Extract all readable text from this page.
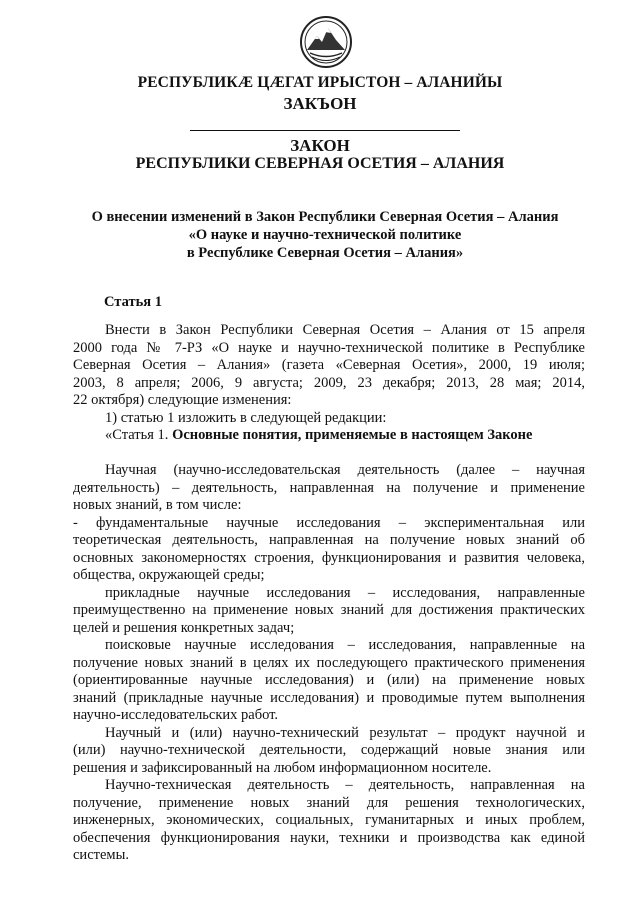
РЕСПУБЛИКӔ ЦӔГАТ ИРЫСТОН – АЛАНИЙЫ
ЗАКЪОН
ЗАКОН
РЕСПУБЛИКИ СЕВЕРНАЯ ОСЕТИЯ – АЛАНИЯ
О внесении изменений в Закон Республики Северная Осетия – Алания
«О науке и научно-технической политике
в Республике Северная Осетия – Алания»
Статья 1
Внести в Закон Республики Северная Осетия – Алания от 15 апреля
2000 года № 7-РЗ «О науке и научно-технической политике в Республике
Северная Осетия – Алания» (газета «Северная Осетия», 2000, 19 июля;
2003, 8 апреля; 2006, 9 августа; 2009, 23 декабря; 2013, 28 мая; 2014,
22 октября) следующие изменения:
1) статью 1 изложить в следующей редакции:
«Статья 1. Основные понятия, применяемые в настоящем Законе
Научная (научно-исследовательская деятельность (далее – научная
деятельность) – деятельность, направленная на получение и применение
новых знаний, в том числе:
- фундаментальные научные исследования – экспериментальная или
теоретическая деятельность, направленная на получение новых знаний об
основных закономерностях строения, функционирования и развития человека,
общества, окружающей среды;
прикладные научные исследования – исследования, направленные
преимущественно на применение новых знаний для достижения практических
целей и решения конкретных задач;
поисковые научные исследования – исследования, направленные на
получение новых знаний в целях их последующего практического применения
(ориентированные научные исследования) и (или) на применение новых
знаний (прикладные научные исследования) и проводимые путем выполнения
научно-исследовательских работ.
Научный и (или) научно-технический результат – продукт научной и
(или) научно-технической деятельности, содержащий новые знания или
решения и зафиксированный на любом информационном носителе.
Научно-техническая деятельность – деятельность, направленная на
получение, применение новых знаний для решения технологических,
инженерных, экономических, социальных, гуманитарных и иных проблем,
обеспечения функционирования науки, техники и производства как единой
системы.
